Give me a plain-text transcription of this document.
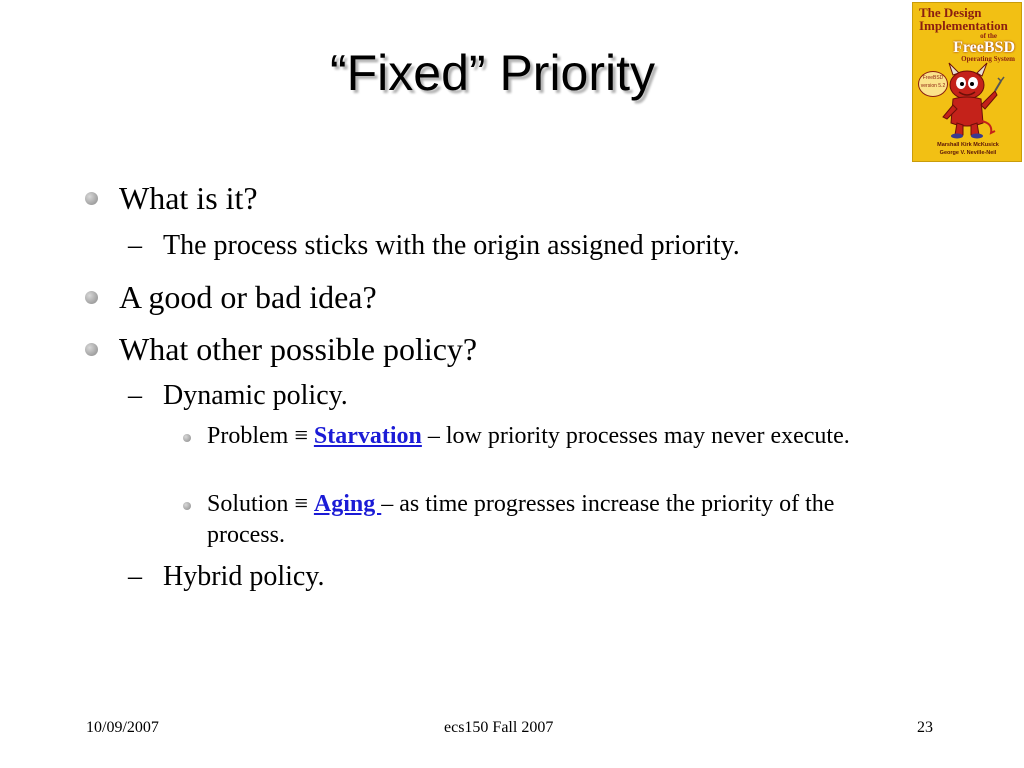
“Fixed” Priority
The Design
Implementation
of the
FreeBSD
Operating System
FreeBSD version 5.2
Marshall Kirk McKusick
George V. Neville-Neil
What is it?
– The process sticks with the origin assigned priority.
A good or bad idea?
What other possible policy?
– Dynamic policy.
Problem ≡ Starvation – low priority processes may never execute.
Solution ≡ Aging – as time progresses increase the priority of the process.
– Hybrid policy.
10/09/2007	ecs150 Fall 2007	23
